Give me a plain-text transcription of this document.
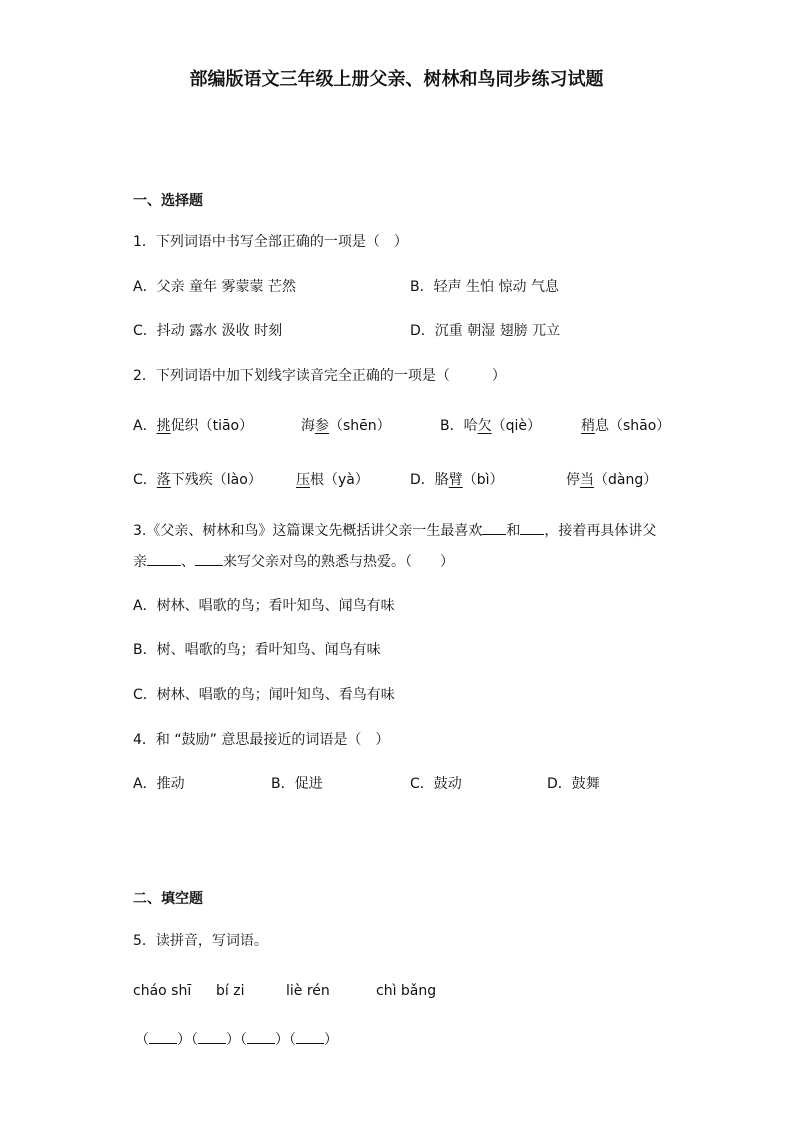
部编版语文三年级上册父亲、树林和鸟同步练习试题
一、选择题
1．下列词语中书写全部正确的一项是（　）
A．父亲 童年 雾蒙蒙 芒然	B．轻声 生怕 惊动 气息
C．抖动 露水 汲收 时刻	D．沉重 朝湿 翅膀 兀立
2．下列词语中加下划线字读音完全正确的一项是（　　　）
A．挑促织（tiāo）	海参（shēn）	B．哈欠（qiè）	稍息（shāo）
C．落下残疾（lào） 压根（yà）	D．胳臂（bì）	停当（dàng）
3.《父亲、树林和鸟》这篇课文先概括讲父亲一生最喜欢 和 ，接着再具体讲父
亲 、 来写父亲对鸟的熟悉与热爱。（　　）
A．树林、唱歌的鸟；看叶知鸟、闻鸟有味
B．树、唱歌的鸟；看叶知鸟、闻鸟有味
C．树林、唱歌的鸟；闻叶知鸟、看鸟有味
4．和 “鼓励” 意思最接近的词语是（　）
A．推动	B．促进	C．鼓动	D．鼓舞
二、填空题
5．读拼音，写词语。
cháo shī bí zi	liè rén	chì bǎng
（ ）（ ）（ ）（ ）
